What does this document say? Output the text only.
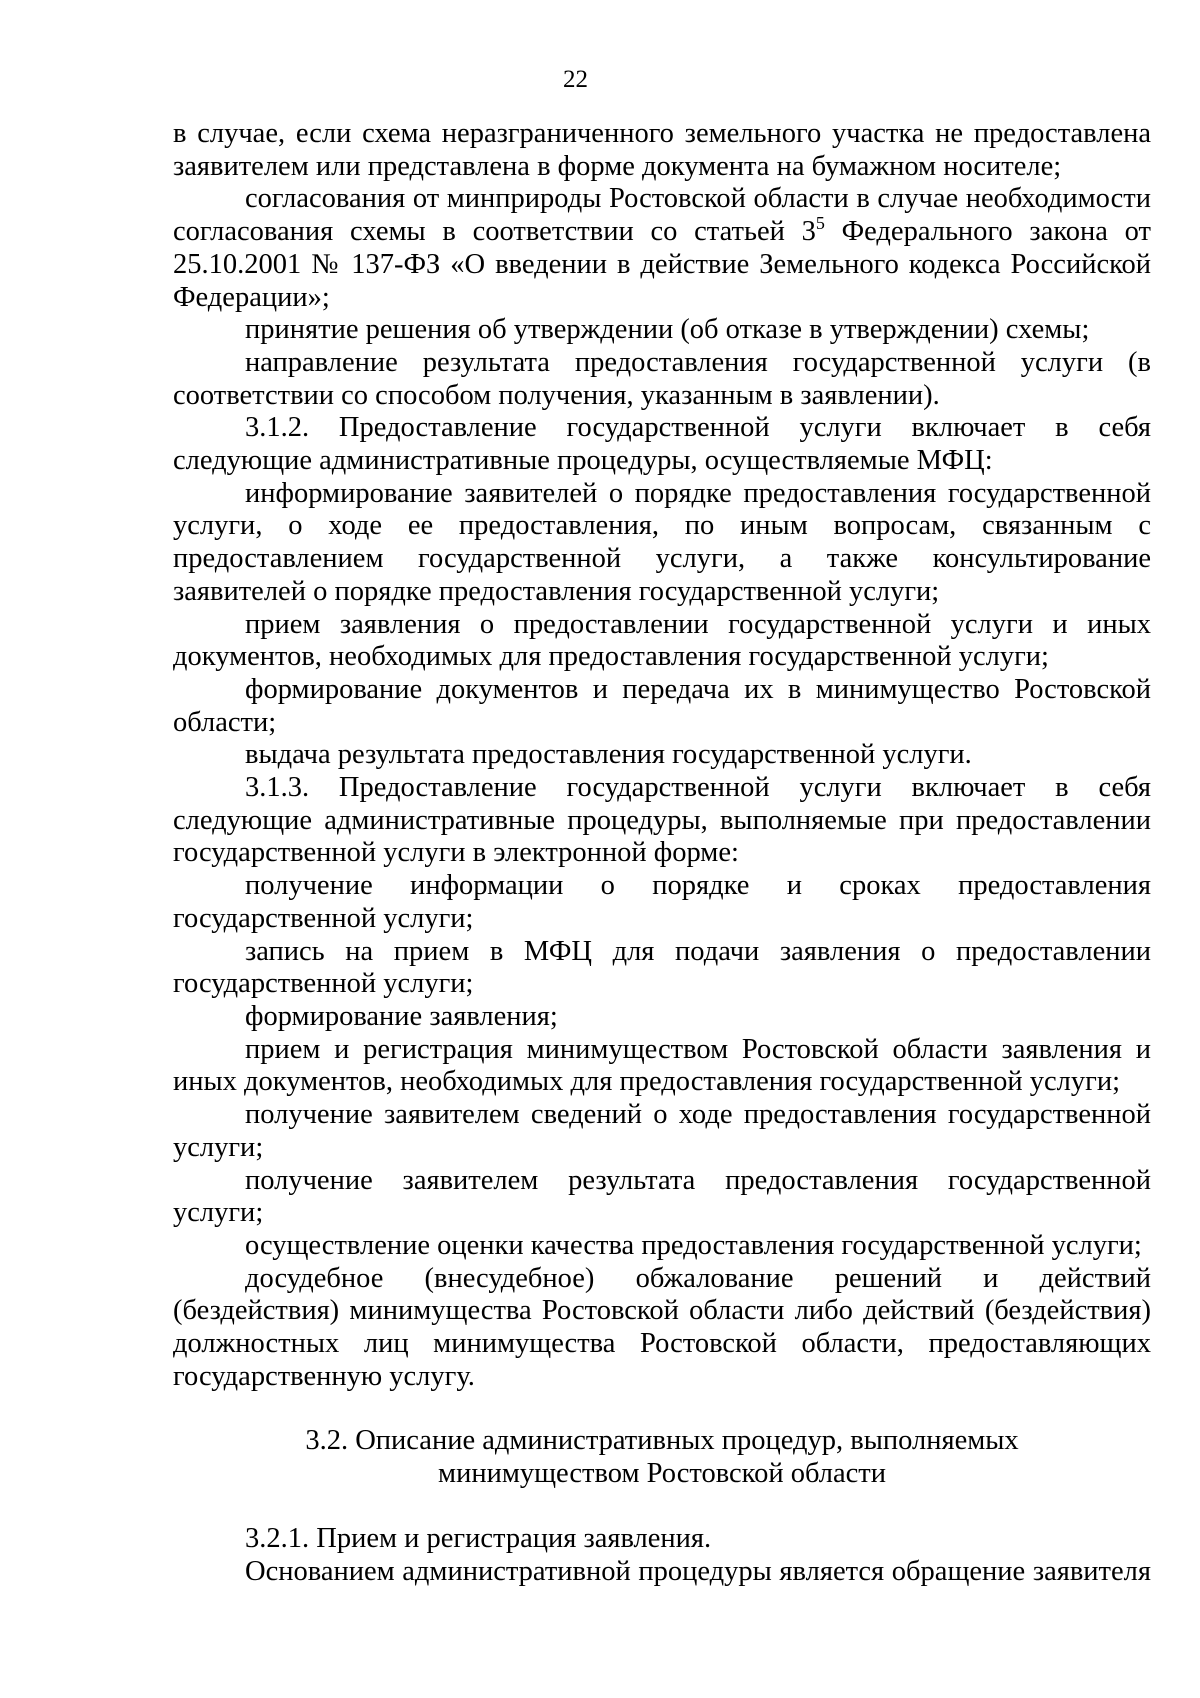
22

в случае, если схема неразграниченного земельного участка не предоставлена заявителем или представлена в форме документа на бумажном носителе;

согласования от минприроды Ростовской области в случае необходимости согласования схемы в соответствии со статьей $3^5$ Федерального закона от 25.10.2001 № 137-ФЗ «О введении в действие Земельного кодекса Российской Федерации»;

принятие решения об утверждении (об отказе в утверждении) схемы;

направление результата предоставления государственной услуги (в соответствии со способом получения, указанным в заявлении).

3.1.2. Предоставление государственной услуги включает в себя следующие административные процедуры, осуществляемые МФЦ:

информирование заявителей о порядке предоставления государственной услуги, о ходе ее предоставления, по иным вопросам, связанным с предоставлением государственной услуги, а также консультирование заявителей о порядке предоставления государственной услуги;

прием заявления о предоставлении государственной услуги и иных документов, необходимых для предоставления государственной услуги;

формирование документов и передача их в минимущество Ростовской области;

выдача результата предоставления государственной услуги.

3.1.3. Предоставление государственной услуги включает в себя следующие административные процедуры, выполняемые при предоставлении государственной услуги в электронной форме:

получение информации о порядке и сроках предоставления государственной услуги;

запись на прием в МФЦ для подачи заявления о предоставлении государственной услуги;

формирование заявления;

прием и регистрация минимуществом Ростовской области заявления и иных документов, необходимых для предоставления государственной услуги;

получение заявителем сведений о ходе предоставления государственной услуги;

получение заявителем результата предоставления государственной услуги;

осуществление оценки качества предоставления государственной услуги;

досудебное (внесудебное) обжалование решений и действий (бездействия) минимущества Ростовской области либо действий (бездействия) должностных лиц минимущества Ростовской области, предоставляющих государственную услугу.

3.2. Описание административных процедур, выполняемых
минимуществом Ростовской области

3.2.1. Прием и регистрация заявления.

Основанием административной процедуры является обращение заявителя
